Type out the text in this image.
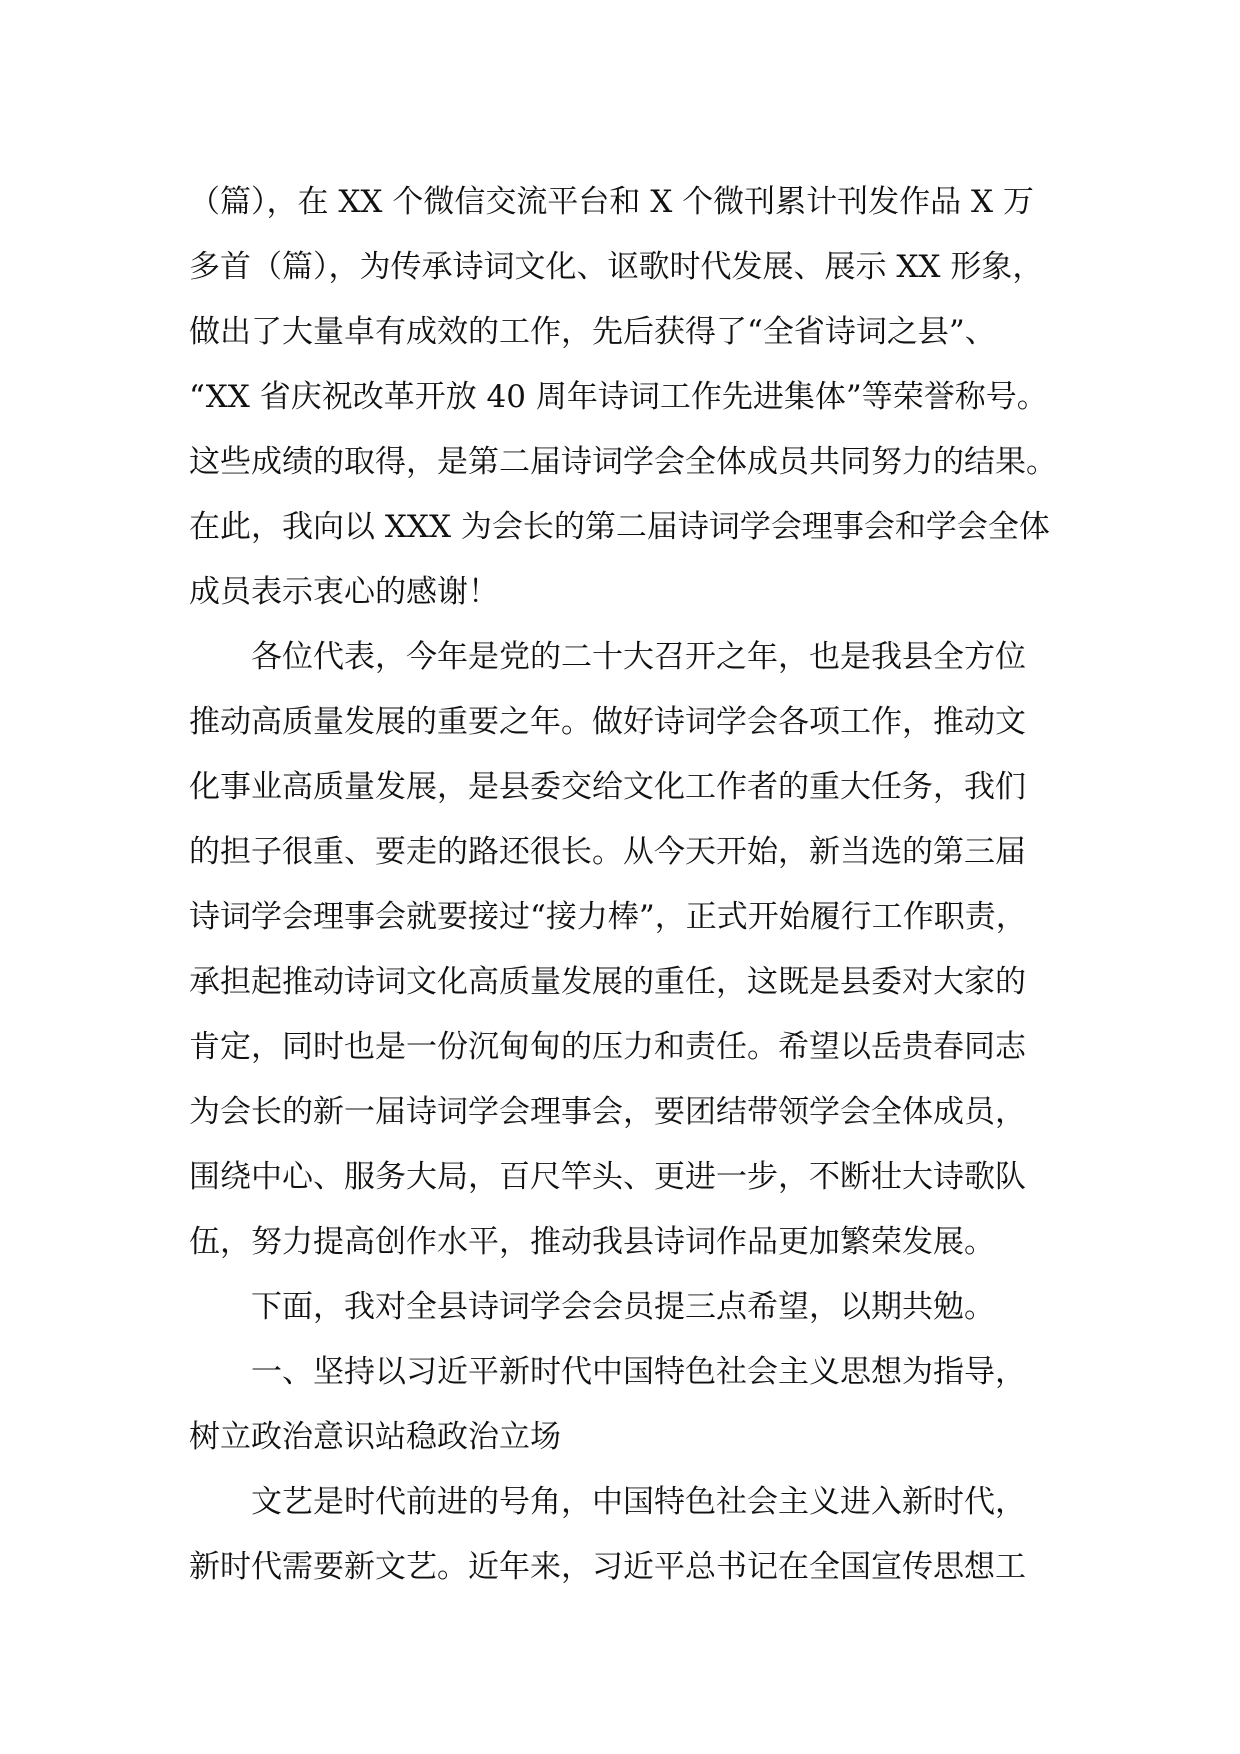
（篇），在 XX 个微信交流平台和 X 个微刊累计刊发作品 X 万
多首（篇），为传承诗词文化、讴歌时代发展、展示 XX 形象，
做出了大量卓有成效的工作，先后获得了“全省诗词之县”、
“XX 省庆祝改革开放 40 周年诗词工作先进集体”等荣誉称号。
这些成绩的取得，是第二届诗词学会全体成员共同努力的结果。
在此，我向以 XXX 为会长的第二届诗词学会理事会和学会全体
成员表示衷心的感谢！
各位代表，今年是党的二十大召开之年，也是我县全方位
推动高质量发展的重要之年。做好诗词学会各项工作，推动文
化事业高质量发展，是县委交给文化工作者的重大任务，我们
的担子很重、要走的路还很长。从今天开始，新当选的第三届
诗词学会理事会就要接过“接力棒”，正式开始履行工作职责，
承担起推动诗词文化高质量发展的重任，这既是县委对大家的
肯定，同时也是一份沉甸甸的压力和责任。希望以岳贵春同志
为会长的新一届诗词学会理事会，要团结带领学会全体成员，
围绕中心、服务大局，百尺竿头、更进一步，不断壮大诗歌队
伍，努力提高创作水平，推动我县诗词作品更加繁荣发展。
下面，我对全县诗词学会会员提三点希望，以期共勉。
一、坚持以习近平新时代中国特色社会主义思想为指导，
树立政治意识站稳政治立场
文艺是时代前进的号角，中国特色社会主义进入新时代，
新时代需要新文艺。近年来，习近平总书记在全国宣传思想工
